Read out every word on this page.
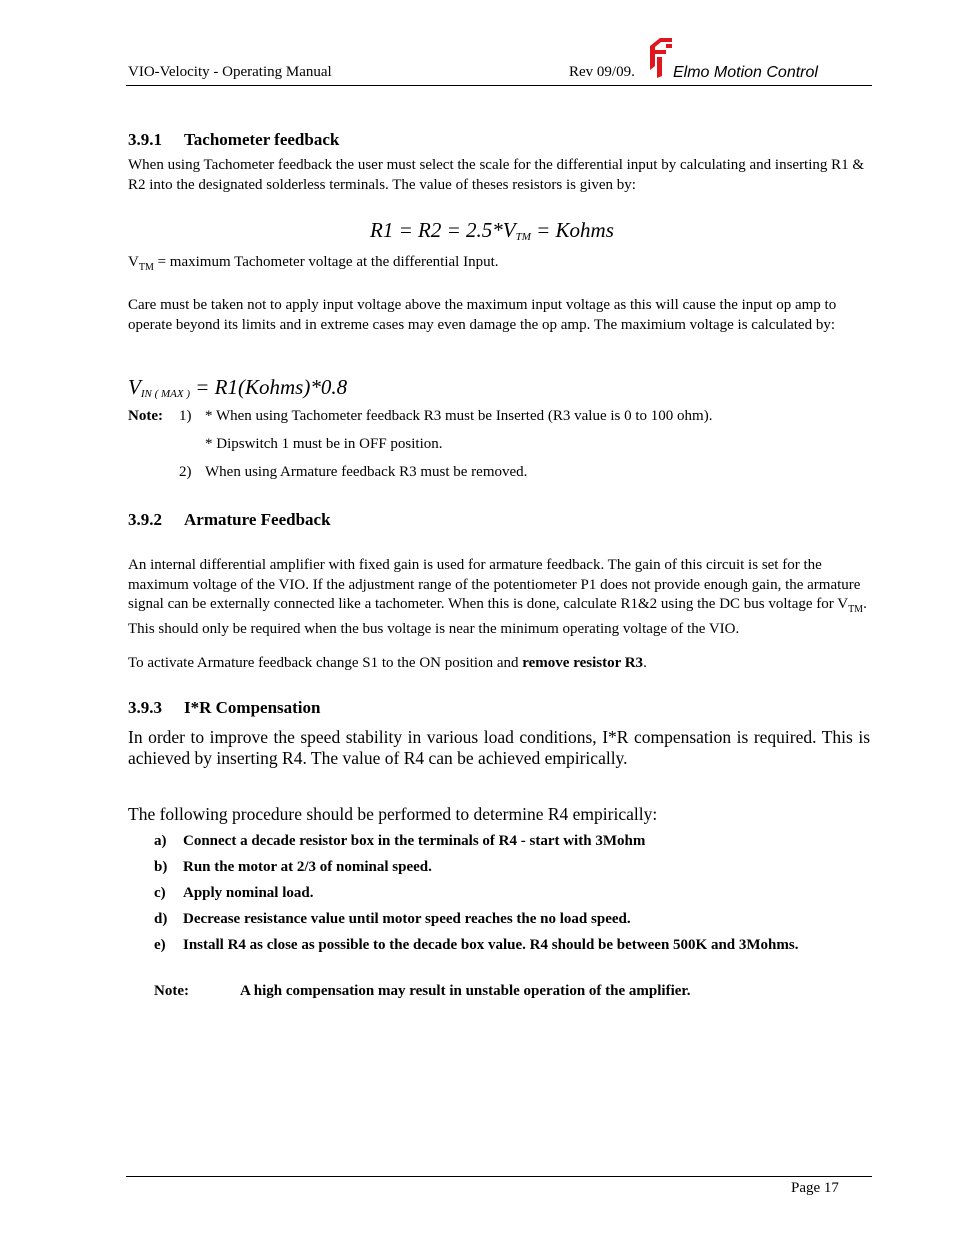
VIO-Velocity - Operating Manual	Rev 09/09. Elmo Motion Control
3.9.1 Tachometer feedback
When using Tachometer feedback the user must select the scale for the differential input by calculating and inserting R1 & R2 into the designated solderless terminals. The value of theses resistors is given by:
$R1 = R2 = 2.5*V_{TM}$ = Kohms
$V_{TM}$ = maximum Tachometer voltage at the differential Input.
Care must be taken not to apply input voltage above the maximum input voltage as this will cause the input op amp to operate beyond its limits and in extreme cases may even damage the op amp. The maximium voltage is calculated by:
$V_{IN ( MAX )}$ = R1(Kohms)*0.8
Note: 1) * When using Tachometer feedback R3 must be Inserted (R3 value is 0 to 100 ohm).
* Dipswitch 1 must be in OFF position.
2) When using Armature feedback R3 must be removed.
3.9.2 Armature Feedback
An internal differential amplifier with fixed gain is used for armature feedback. The gain of this circuit is set for the maximum voltage of the VIO. If the adjustment range of the potentiometer P1 does not provide enough gain, the armature signal can be externally connected like a tachometer. When this is done, calculate R1&2 using the DC bus voltage for $V_{TM}$. This should only be required when the bus voltage is near the minimum operating voltage of the VIO.
To activate Armature feedback change S1 to the ON position and remove resistor R3.
3.9.3 I*R Compensation
In order to improve the speed stability in various load conditions, I*R compensation is required. This is achieved by inserting R4. The value of R4 can be achieved empirically.
The following procedure should be performed to determine R4 empirically:
a) Connect a decade resistor box in the terminals of R4 - start with 3Mohm
b) Run the motor at 2/3 of nominal speed.
c) Apply nominal load.
d) Decrease resistance value until motor speed reaches the no load speed.
e) Install R4 as close as possible to the decade box value. R4 should be between 500K and 3Mohms.
Note:	A high compensation may result in unstable operation of the amplifier.
Page 17
